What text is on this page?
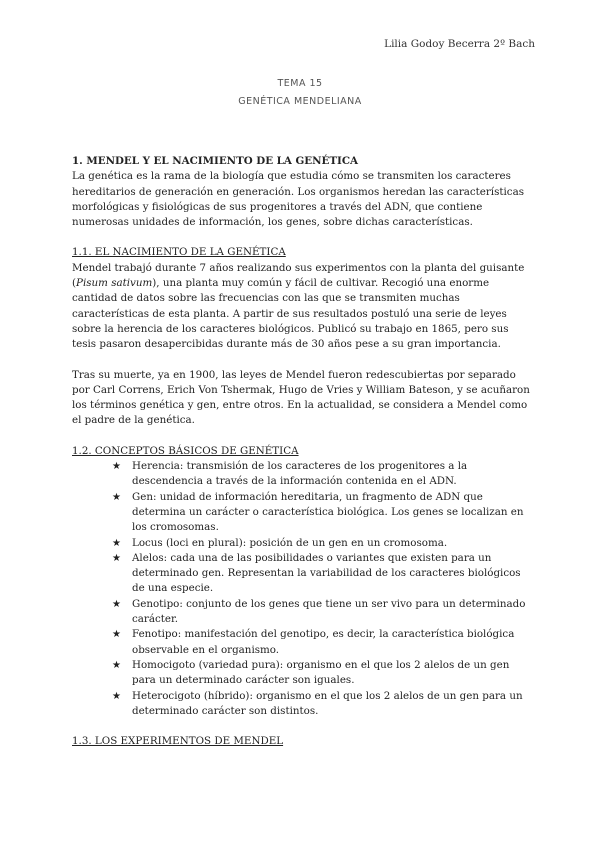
Lilia Godoy Becerra 2º Bach
TEMA 15
GENÉTICA MENDELIANA
1. MENDEL Y EL NACIMIENTO DE LA GENÉTICA

La genética es la rama de la biología que estudia cómo se transmiten los caracteres hereditarios de generación en generación. Los organismos heredan las características morfológicas y fisiológicas de sus progenitores a través del ADN, que contiene numerosas unidades de información, los genes, sobre dichas características.

1.1. EL NACIMIENTO DE LA GENÉTICA

Mendel trabajó durante 7 años realizando sus experimentos con la planta del guisante (Pisum sativum), una planta muy común y fácil de cultivar. Recogió una enorme cantidad de datos sobre las frecuencias con las que se transmiten muchas características de esta planta. A partir de sus resultados postuló una serie de leyes sobre la herencia de los caracteres biológicos. Publicó su trabajo en 1865, pero sus tesis pasaron desapercibidas durante más de 30 años pese a su gran importancia.

Tras su muerte, ya en 1900, las leyes de Mendel fueron redescubiertas por separado por Carl Correns, Erich Von Tshermak, Hugo de Vries y William Bateson, y se acuñaron los términos genética y gen, entre otros. En la actualidad, se considera a Mendel como el padre de la genética.

1.2. CONCEPTOS BÁSICOS DE GENÉTICA
★ Herencia: transmisión de los caracteres de los progenitores a la descendencia a través de la información contenida en el ADN.
★ Gen: unidad de información hereditaria, un fragmento de ADN que determina un carácter o característica biológica. Los genes se localizan en los cromosomas.
★ Locus (loci en plural): posición de un gen en un cromosoma.
★ Alelos: cada una de las posibilidades o variantes que existen para un determinado gen. Representan la variabilidad de los caracteres biológicos de una especie.
★ Genotipo: conjunto de los genes que tiene un ser vivo para un determinado carácter.
★ Fenotipo: manifestación del genotipo, es decir, la característica biológica observable en el organismo.
★ Homocigoto (variedad pura): organismo en el que los 2 alelos de un gen para un determinado carácter son iguales.
★ Heterocigoto (híbrido): organismo en el que los 2 alelos de un gen para un determinado carácter son distintos.
1.3. LOS EXPERIMENTOS DE MENDEL
